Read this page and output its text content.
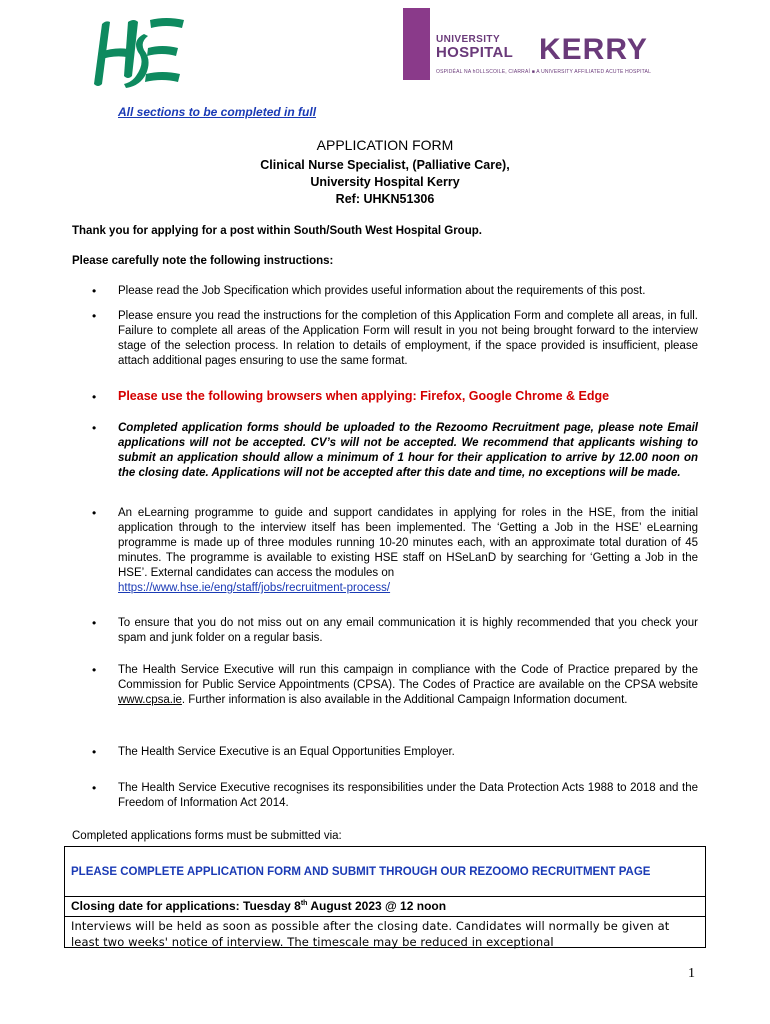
UNIVERSITY
HOSPITAL KERRY
OSPIDÉAL NA hOLLSCOILE, CIARRAÍ ■ A UNIVERSITY AFFILIATED ACUTE HOSPITAL
All sections to be completed in full
APPLICATION FORM
Clinical Nurse Specialist, (Palliative Care),
University Hospital Kerry
Ref: UHKN51306
Thank you for applying for a post within South/South West Hospital Group.
Please carefully note the following instructions:
• Please read the Job Specification which provides useful information about the requirements of this post.
• Please ensure you read the instructions for the completion of this Application Form and complete all areas, in full. Failure to complete all areas of the Application Form will result in you not being brought forward to the interview stage of the selection process. In relation to details of employment, if the space provided is insufficient, please attach additional pages ensuring to use the same format.
• Please use the following browsers when applying: Firefox, Google Chrome & Edge
• Completed application forms should be uploaded to the Rezoomo Recruitment page, please note Email applications will not be accepted. CV’s will not be accepted. We recommend that applicants wishing to submit an application should allow a minimum of 1 hour for their application to arrive by 12.00 noon on the closing date. Applications will not be accepted after this date and time, no exceptions will be made.
• An eLearning programme to guide and support candidates in applying for roles in the HSE, from the initial application through to the interview itself has been implemented. The ‘Getting a Job in the HSE’ eLearning programme is made up of three modules running 10-20 minutes each, with an approximate total duration of 45 minutes. The programme is available to existing HSE staff on HSeLanD by searching for ‘Getting a Job in the HSE’. External candidates can access the modules on
https://www.hse.ie/eng/staff/jobs/recruitment-process/
• To ensure that you do not miss out on any email communication it is highly recommended that you check your spam and junk folder on a regular basis.
• The Health Service Executive will run this campaign in compliance with the Code of Practice prepared by the Commission for Public Service Appointments (CPSA). The Codes of Practice are available on the CPSA website www.cpsa.ie. Further information is also available in the Additional Campaign Information document.
• The Health Service Executive is an Equal Opportunities Employer.
• The Health Service Executive recognises its responsibilities under the Data Protection Acts 1988 to 2018 and the Freedom of Information Act 2014.
Completed applications forms must be submitted via:
PLEASE COMPLETE APPLICATION FORM AND SUBMIT THROUGH OUR REZOOMO RECRUITMENT PAGE
Closing date for applications: Tuesday 8th August 2023 @ 12 noon
Interviews will be held as soon as possible after the closing date. Candidates will normally be given at least two weeks' notice of interview. The timescale may be reduced in exceptional
1
